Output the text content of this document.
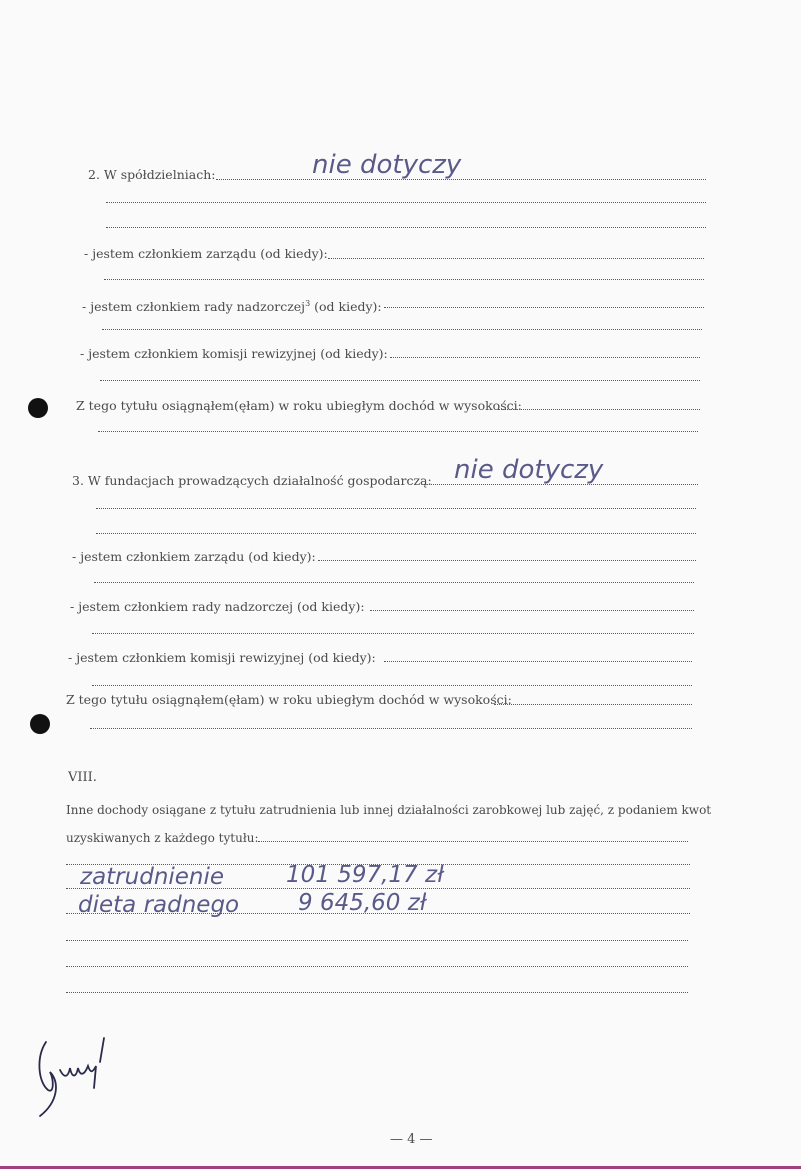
2. W spółdzielniach:	nie dotyczy
- jestem członkiem zarządu (od kiedy):
- jestem członkiem rady nadzorczej$^3$ (od kiedy):
- jestem członkiem komisji rewizyjnej (od kiedy):
Z tego tytułu osiągnąłem(ęłam) w roku ubiegłym dochód w wysokości:
3. W fundacjach prowadzących działalność gospodarczą: nie dotyczy
- jestem członkiem zarządu (od kiedy):
- jestem członkiem rady nadzorczej (od kiedy):
- jestem członkiem komisji rewizyjnej (od kiedy):
Z tego tytułu osiągnąłem(ęłam) w roku ubiegłym dochód w wysokości:
VIII.
Inne dochody osiągane z tytułu zatrudnienia lub innej działalności zarobkowej lub zajęć, z podaniem kwot
uzyskiwanych z każdego tytułu:
zatrudnienie	101 597,17 zł
dieta radnego	9 645,60 zł
— 4 —
